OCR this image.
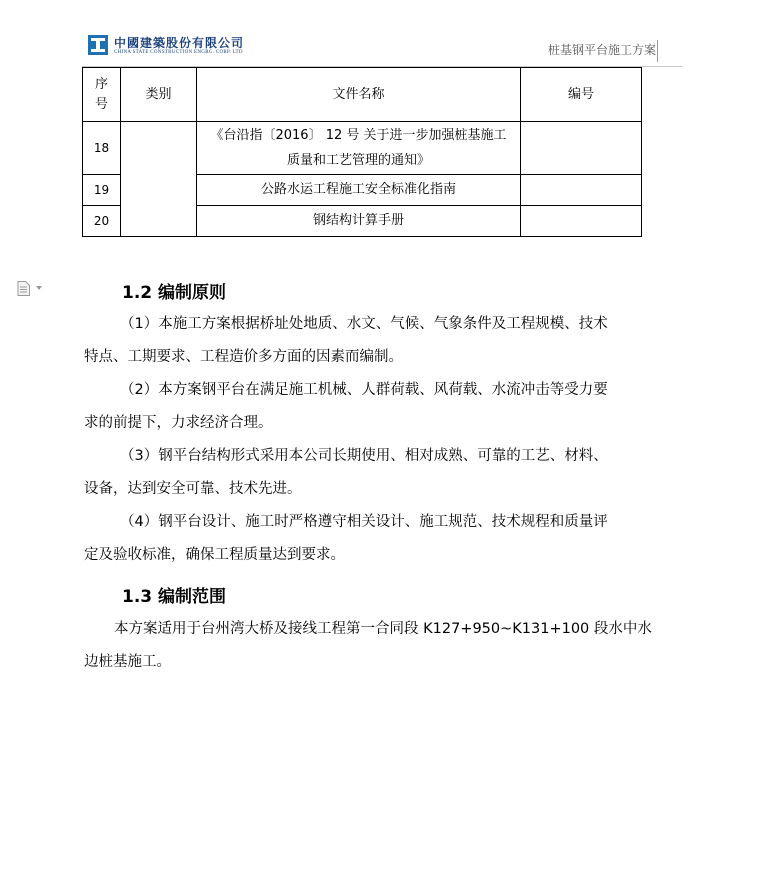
中國建築股份有限公司
CHINA STATE CONSTRUCTION ENGRG. CORP. LTD	桩基钢平台施工方案
序号	类别	文件名称	编号
18		《台沿指〔2016〕 12 号 关于进一步加强桩基施工
质量和工艺管理的通知》	

19		公路水运工程施工安全标准化指南	
20		钢结构计算手册	
1.2 编制原则
（1）本施工方案根据桥址处地质、水文、气候、气象条件及工程规模、技术
特点、工期要求、工程造价多方面的因素而编制。
（2）本方案钢平台在满足施工机械、人群荷载、风荷载、水流冲击等受力要
求的前提下，力求经济合理。
（3）钢平台结构形式采用本公司长期使用、相对成熟、可靠的工艺、材料、
设备，达到安全可靠、技术先进。
（4）钢平台设计、施工时严格遵守相关设计、施工规范、技术规程和质量评
定及验收标准，确保工程质量达到要求。
1.3 编制范围
本方案适用于台州湾大桥及接线工程第一合同段 K127+950~K131+100 段水中水
边桩基施工。
